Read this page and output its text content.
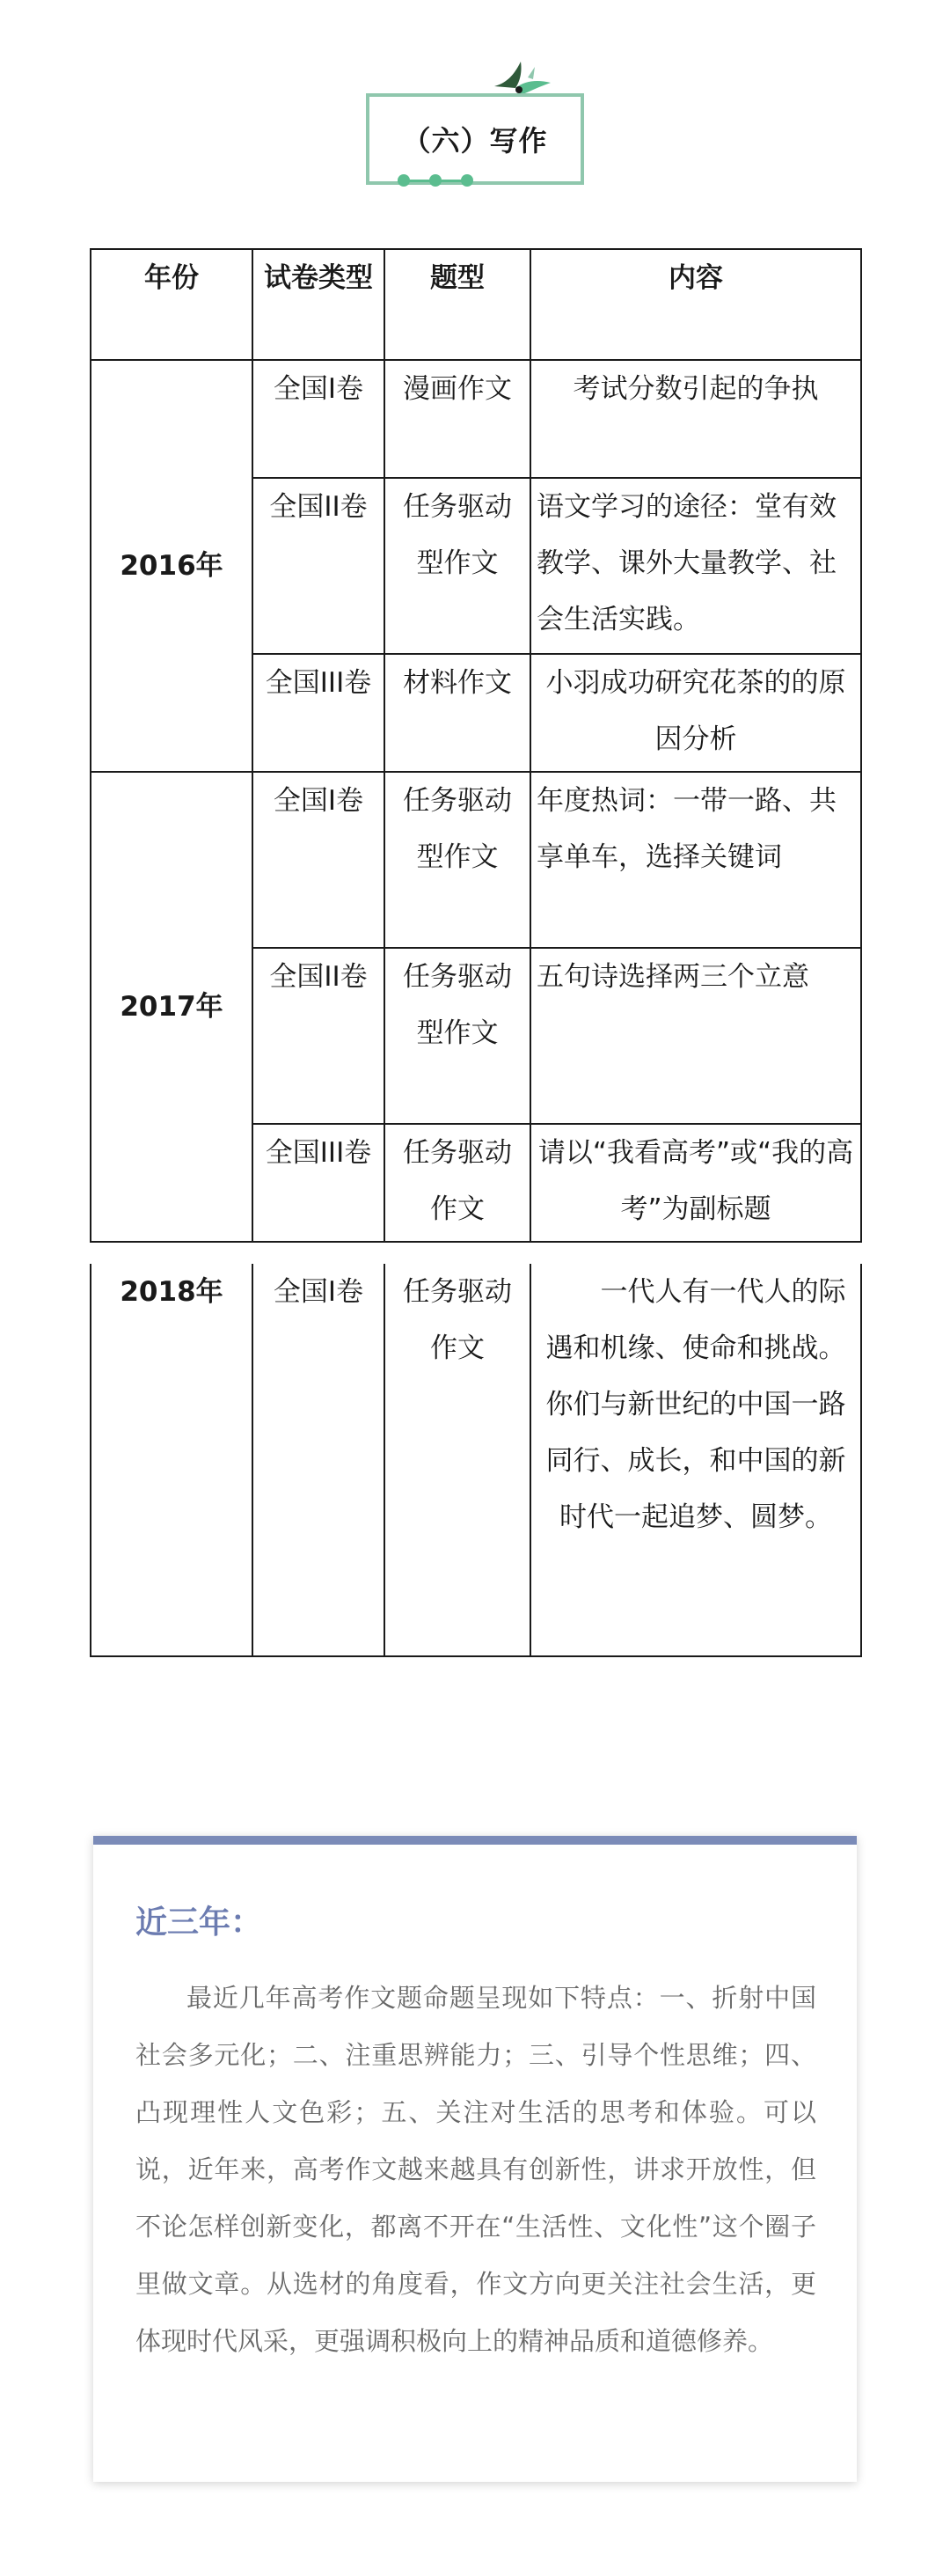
（六）写作
年份	试卷类型	题型	内容
2016年	全国I卷	漫画作文	考试分数引起的争执
	全国II卷	任务驱动型作文	语文学习的途径：堂有效教学、课外大量教学、社会生活实践。
	全国III卷	材料作文	小羽成功研究花茶的的原因分析
2017年	全国I卷	任务驱动型作文	年度热词：一带一路、共享单车，选择关键词
	全国II卷	任务驱动型作文	五句诗选择两三个立意
	全国III卷	任务驱动作文	请以“我看高考”或“我的高考”为副标题
2018年	全国I卷	任务驱动作文	一代人有一代人的际遇和机缘、使命和挑战。你们与新世纪的中国一路同行、成长，和中国的新时代一起追梦、圆梦。
近三年：
最近几年高考作文题命题呈现如下特点：一、折射中国社会多元化；二、注重思辨能力；三、引导个性思维；四、凸现理性人文色彩；五、关注对生活的思考和体验。可以说，近年来，高考作文越来越具有创新性，讲求开放性，但不论怎样创新变化，都离不开在“生活性、文化性”这个圈子里做文章。从选材的角度看，作文方向更关注社会生活，更体现时代风采，更强调积极向上的精神品质和道德修养。
